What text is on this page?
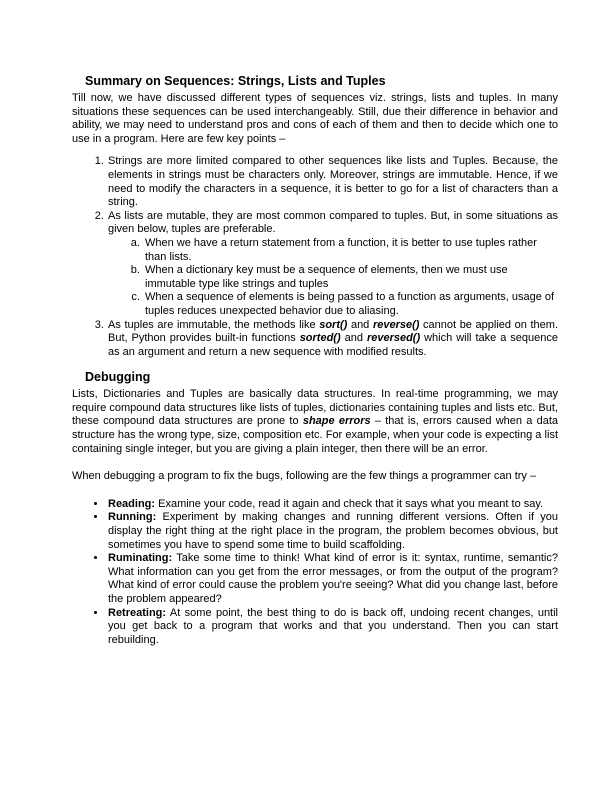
Summary on Sequences: Strings, Lists and Tuples

Till now, we have discussed different types of sequences viz. strings, lists and tuples. In many situations these sequences can be used interchangeably. Still, due their difference in behavior and ability, we may need to understand pros and cons of each of them and then to decide which one to use in a program. Here are few key points –

1. Strings are more limited compared to other sequences like lists and Tuples. Because, the elements in strings must be characters only. Moreover, strings are immutable. Hence, if we need to modify the characters in a sequence, it is better to go for a list of characters than a string.
2. As lists are mutable, they are most common compared to tuples. But, in some situations as given below, tuples are preferable.
a. When we have a return statement from a function, it is better to use tuples rather than lists.
b. When a dictionary key must be a sequence of elements, then we must use immutable type like strings and tuples
c. When a sequence of elements is being passed to a function as arguments, usage of tuples reduces unexpected behavior due to aliasing.
3. As tuples are immutable, the methods like sort() and reverse() cannot be applied on them. But, Python provides built-in functions sorted() and reversed() which will take a sequence as an argument and return a new sequence with modified results.
Debugging

Lists, Dictionaries and Tuples are basically data structures. In real-time programming, we may require compound data structures like lists of tuples, dictionaries containing tuples and lists etc. But, these compound data structures are prone to shape errors – that is, errors caused when a data structure has the wrong type, size, composition etc. For example, when your code is expecting a list containing single integer, but you are giving a plain integer, then there will be an error.

When debugging a program to fix the bugs, following are the few things a programmer can try –

• Reading: Examine your code, read it again and check that it says what you meant to say.
• Running: Experiment by making changes and running different versions. Often if you display the right thing at the right place in the program, the problem becomes obvious, but sometimes you have to spend some time to build scaffolding.
• Ruminating: Take some time to think! What kind of error is it: syntax, runtime, semantic? What information can you get from the error messages, or from the output of the program? What kind of error could cause the problem you're seeing? What did you change last, before the problem appeared?
• Retreating: At some point, the best thing to do is back off, undoing recent changes, until you get back to a program that works and that you understand. Then you can start rebuilding.
